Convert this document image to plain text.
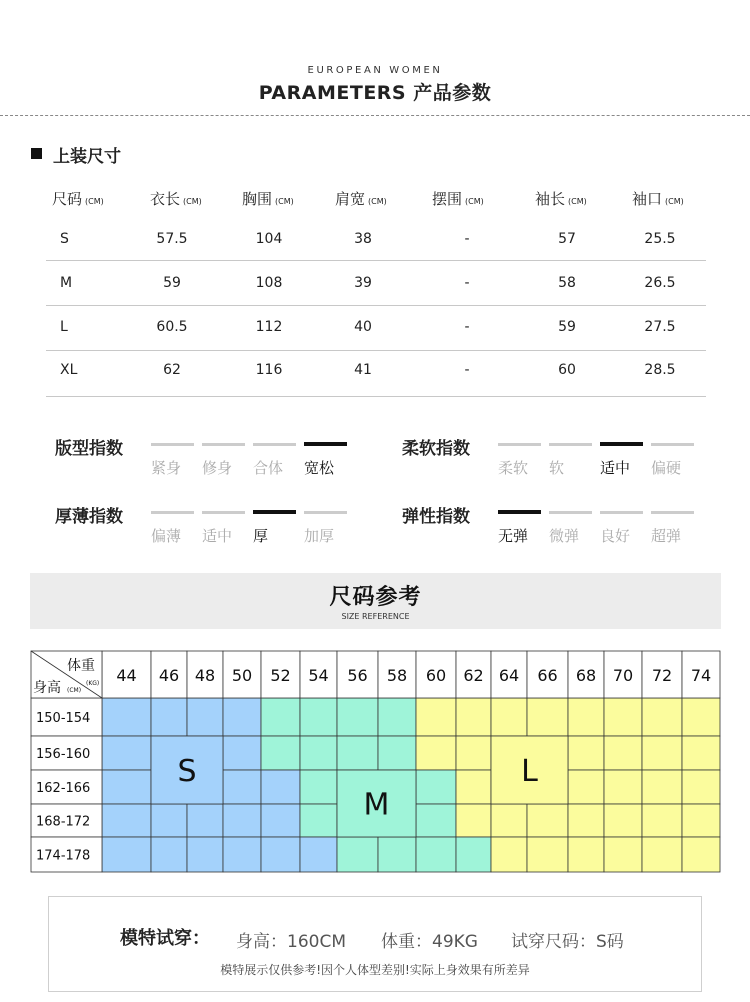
EUROPEAN WOMEN
PARAMETERS 产品参数
上装尺寸
尺码 (CM)	衣长 (CM)	胸围 (CM)	肩宽 (CM)	摆围 (CM)	袖长 (CM)	袖口 (CM)
S	57.5	104	38	-	57	25.5
M	59	108	39	-	58	26.5
L	60.5	112	40	-	59	27.5
XL	62	116	41	-	60	28.5
版型指数
紧身	修身	合体	宽松
柔软指数
柔软	软	适中	偏硬
厚薄指数
偏薄	适中	厚	加厚
弹性指数
无弹	微弹	良好	超弹
尺码参考
SIZE REFERENCE
S
M
L
44 46 48 50 52 54 56 58 60 62 64 66 68 70 72 74
150-154
156-160
162-166
168-172
174-178
体重
(KG)
身高 (CM)
模特试穿： 身高：160CM 体重：49KG 试穿尺码：S码
模特展示仅供参考!因个人体型差别!实际上身效果有所差异
